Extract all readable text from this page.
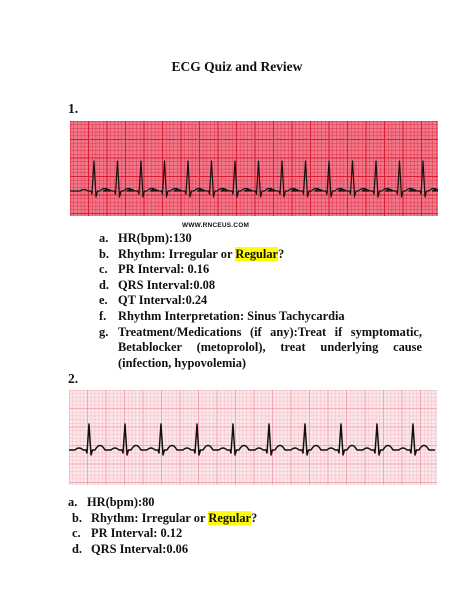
ECG Quiz and Review
1.
WWW.RNCEUS.COM
a. HR(bpm):130
b. Rhythm: Irregular or Regular?
c. PR Interval: 0.16
d. QRS Interval:0.08
e. QT Interval:0.24
f. Rhythm Interpretation: Sinus Tachycardia
g. Treatment/Medications (if any):Treat if symptomatic, Betablocker (metoprolol), treat underlying cause (infection, hypovolemia)
2.
a. HR(bpm):80
b. Rhythm: Irregular or Regular?
c. PR Interval: 0.12
d. QRS Interval:0.06
